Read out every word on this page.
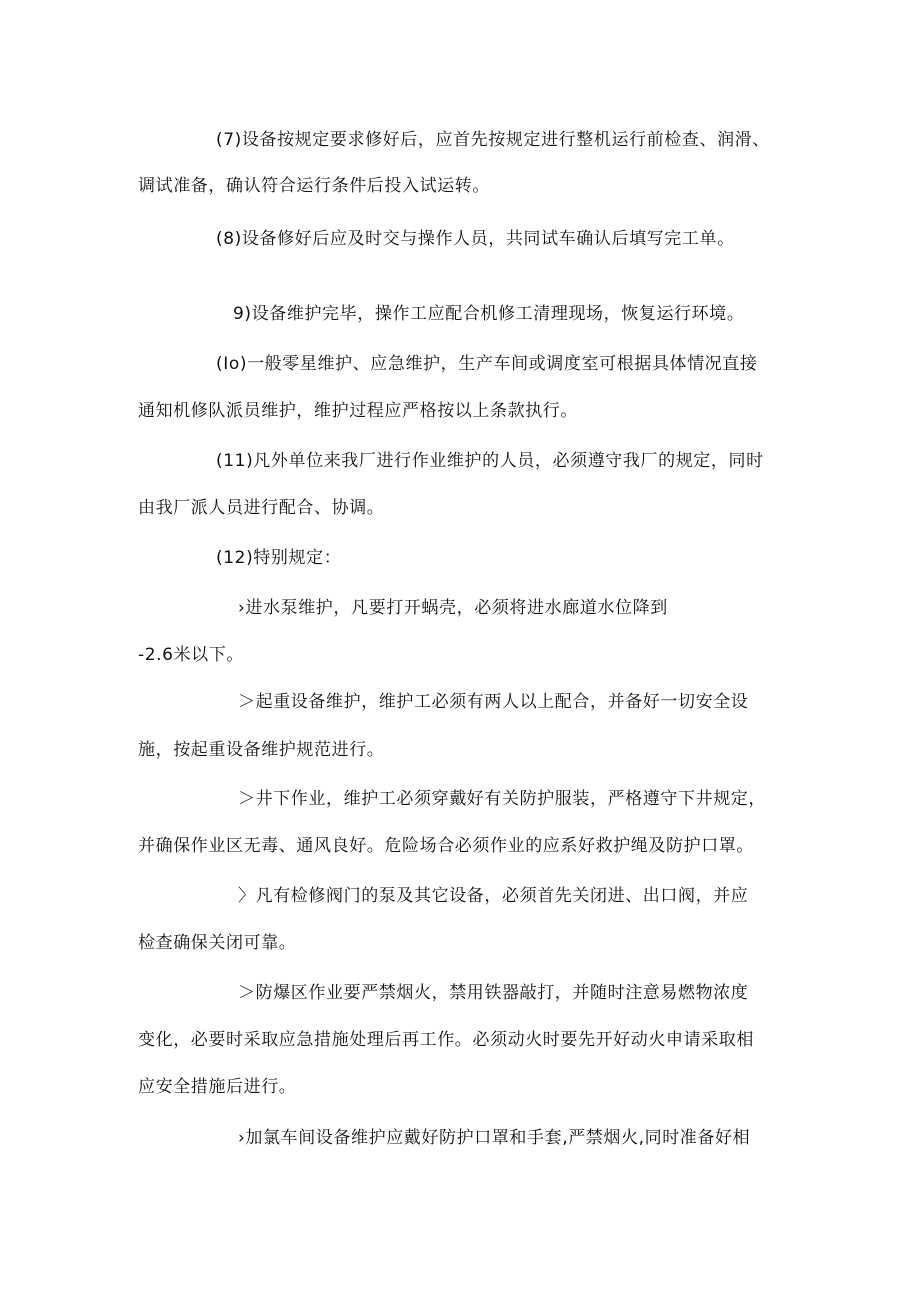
(7)设备按规定要求修好后，应首先按规定进行整机运行前检查、润滑、
调试准备，确认符合运行条件后投入试运转。
(8)设备修好后应及时交与操作人员，共同试车确认后填写完工单。
9)设备维护完毕，操作工应配合机修工清理现场，恢复运行环境。
(Io)一般零星维护、应急维护，生产车间或调度室可根据具体情况直接
通知机修队派员维护，维护过程应严格按以上条款执行。
(11)凡外单位来我厂进行作业维护的人员，必须遵守我厂的规定，同时
由我厂派人员进行配合、协调。
(12)特别规定：
›进水泵维护，凡要打开蜗壳，必须将进水廊道水位降到
-2.6米以下。
＞起重设备维护，维护工必须有两人以上配合，并备好一切安全设
施，按起重设备维护规范进行。
＞井下作业，维护工必须穿戴好有关防护服装，严格遵守下井规定，
并确保作业区无毒、通风良好。危险场合必须作业的应系好救护绳及防护口罩。
〉凡有检修阀门的泵及其它设备，必须首先关闭进、出口阀，并应
检查确保关闭可靠。
＞防爆区作业要严禁烟火，禁用铁器敲打，并随时注意易燃物浓度
变化，必要时采取应急措施处理后再工作。必须动火时要先开好动火申请采取相
应安全措施后进行。
›加氯车间设备维护应戴好防护口罩和手套,严禁烟火,同时准备好相
